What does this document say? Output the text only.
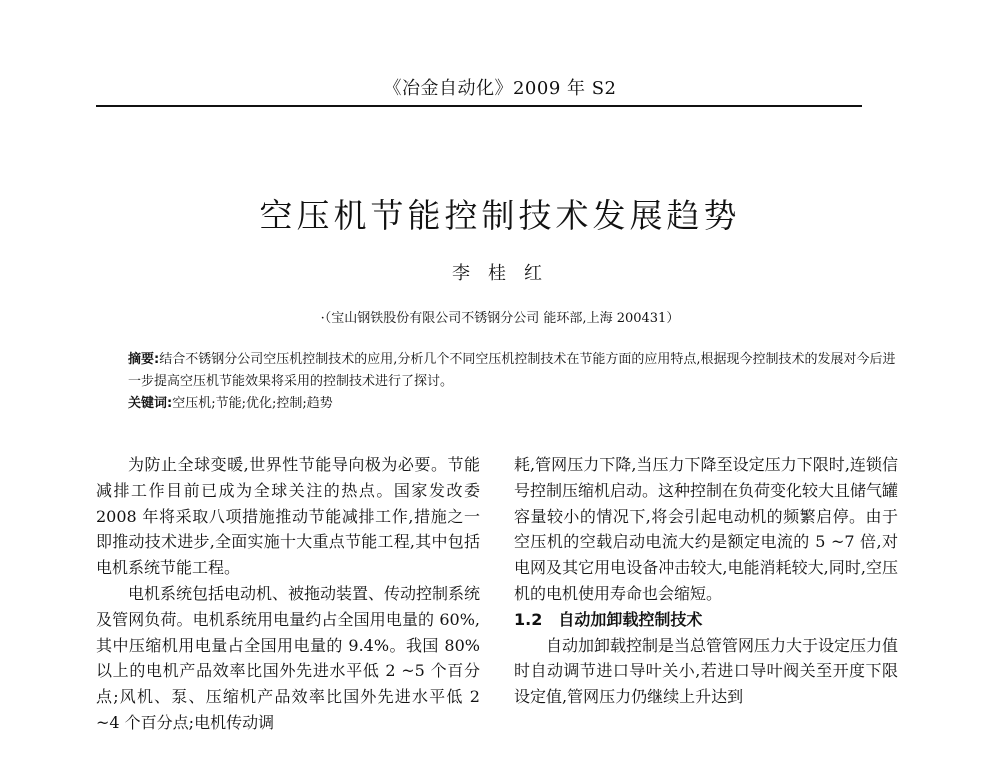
《冶金自动化》2009 年 S2
空压机节能控制技术发展趋势
李桂红
·（宝山钢铁股份有限公司不锈钢分公司 能环部,上海 200431）

摘要:结合不锈钢分公司空压机控制技术的应用,分析几个不同空压机控制技术在节能方面的应用特点,根据现今控制技术的发展对今后进一步提高空压机节能效果将采用的控制技术进行了探讨。

关键词:空压机;节能;优化;控制;趋势

为防止全球变暖,世界性节能导向极为必要。节能减排工作目前已成为全球关注的热点。国家发改委 2008 年将采取八项措施推动节能减排工作,措施之一即推动技术进步,全面实施十大重点节能工程,其中包括电机系统节能工程。

电机系统包括电动机、被拖动装置、传动控制系统及管网负荷。电机系统用电量约占全国用电量的 60%,其中压缩机用电量占全国用电量的 9.4%。我国 80% 以上的电机产品效率比国外先进水平低 2 ~5 个百分点;风机、泵、压缩机产品效率比国外先进水平低 2 ~4 个百分点;电机传动调

耗,管网压力下降,当压力下降至设定压力下限时,连锁信号控制压缩机启动。这种控制在负荷变化较大且储气罐容量较小的情况下,将会引起电动机的频繁启停。由于空压机的空载启动电流大约是额定电流的 5 ~7 倍,对电网及其它用电设备冲击较大,电能消耗较大,同时,空压机的电机使用寿命也会缩短。

1.2　自动加卸载控制技术

自动加卸载控制是当总管管网压力大于设定压力值时自动调节进口导叶关小,若进口导叶阀关至开度下限设定值,管网压力仍继续上升达到
